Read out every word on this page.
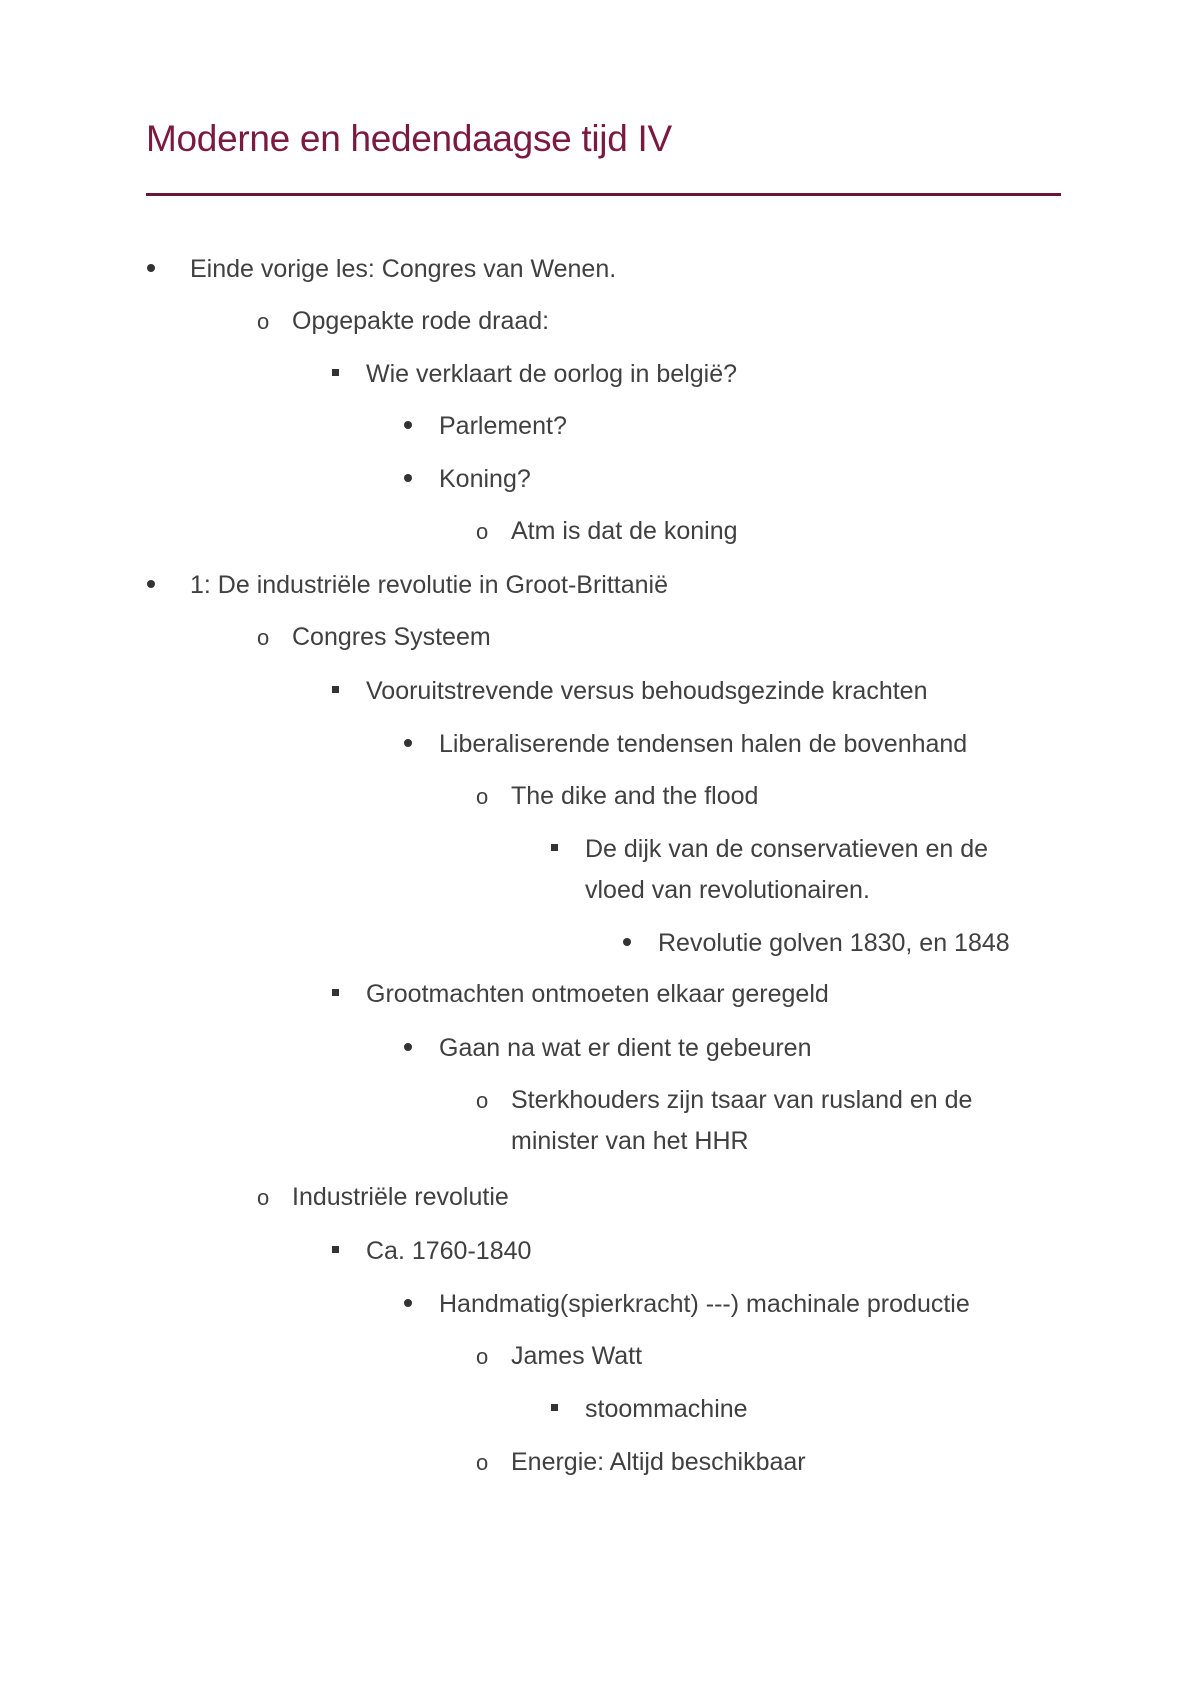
Moderne en hedendaagse tijd IV
Einde vorige les: Congres van Wenen.
o Opgepakte rode draad:
Wie verklaart de oorlog in belgië?
Parlement?
Koning?
o Atm is dat de koning
1: De industriële revolutie in Groot-Brittanië
o Congres Systeem
Vooruitstrevende versus behoudsgezinde krachten
Liberaliserende tendensen halen de bovenhand
o The dike and the flood
De dijk van de conservatieven en de vloed van revolutionairen.
Revolutie golven 1830, en 1848
Grootmachten ontmoeten elkaar geregeld
Gaan na wat er dient te gebeuren
o Sterkhouders zijn tsaar van rusland en de minister van het HHR
o Industriële revolutie
Ca. 1760-1840
Handmatig(spierkracht) ---) machinale productie
o James Watt
stoommachine
o Energie: Altijd beschikbaar
